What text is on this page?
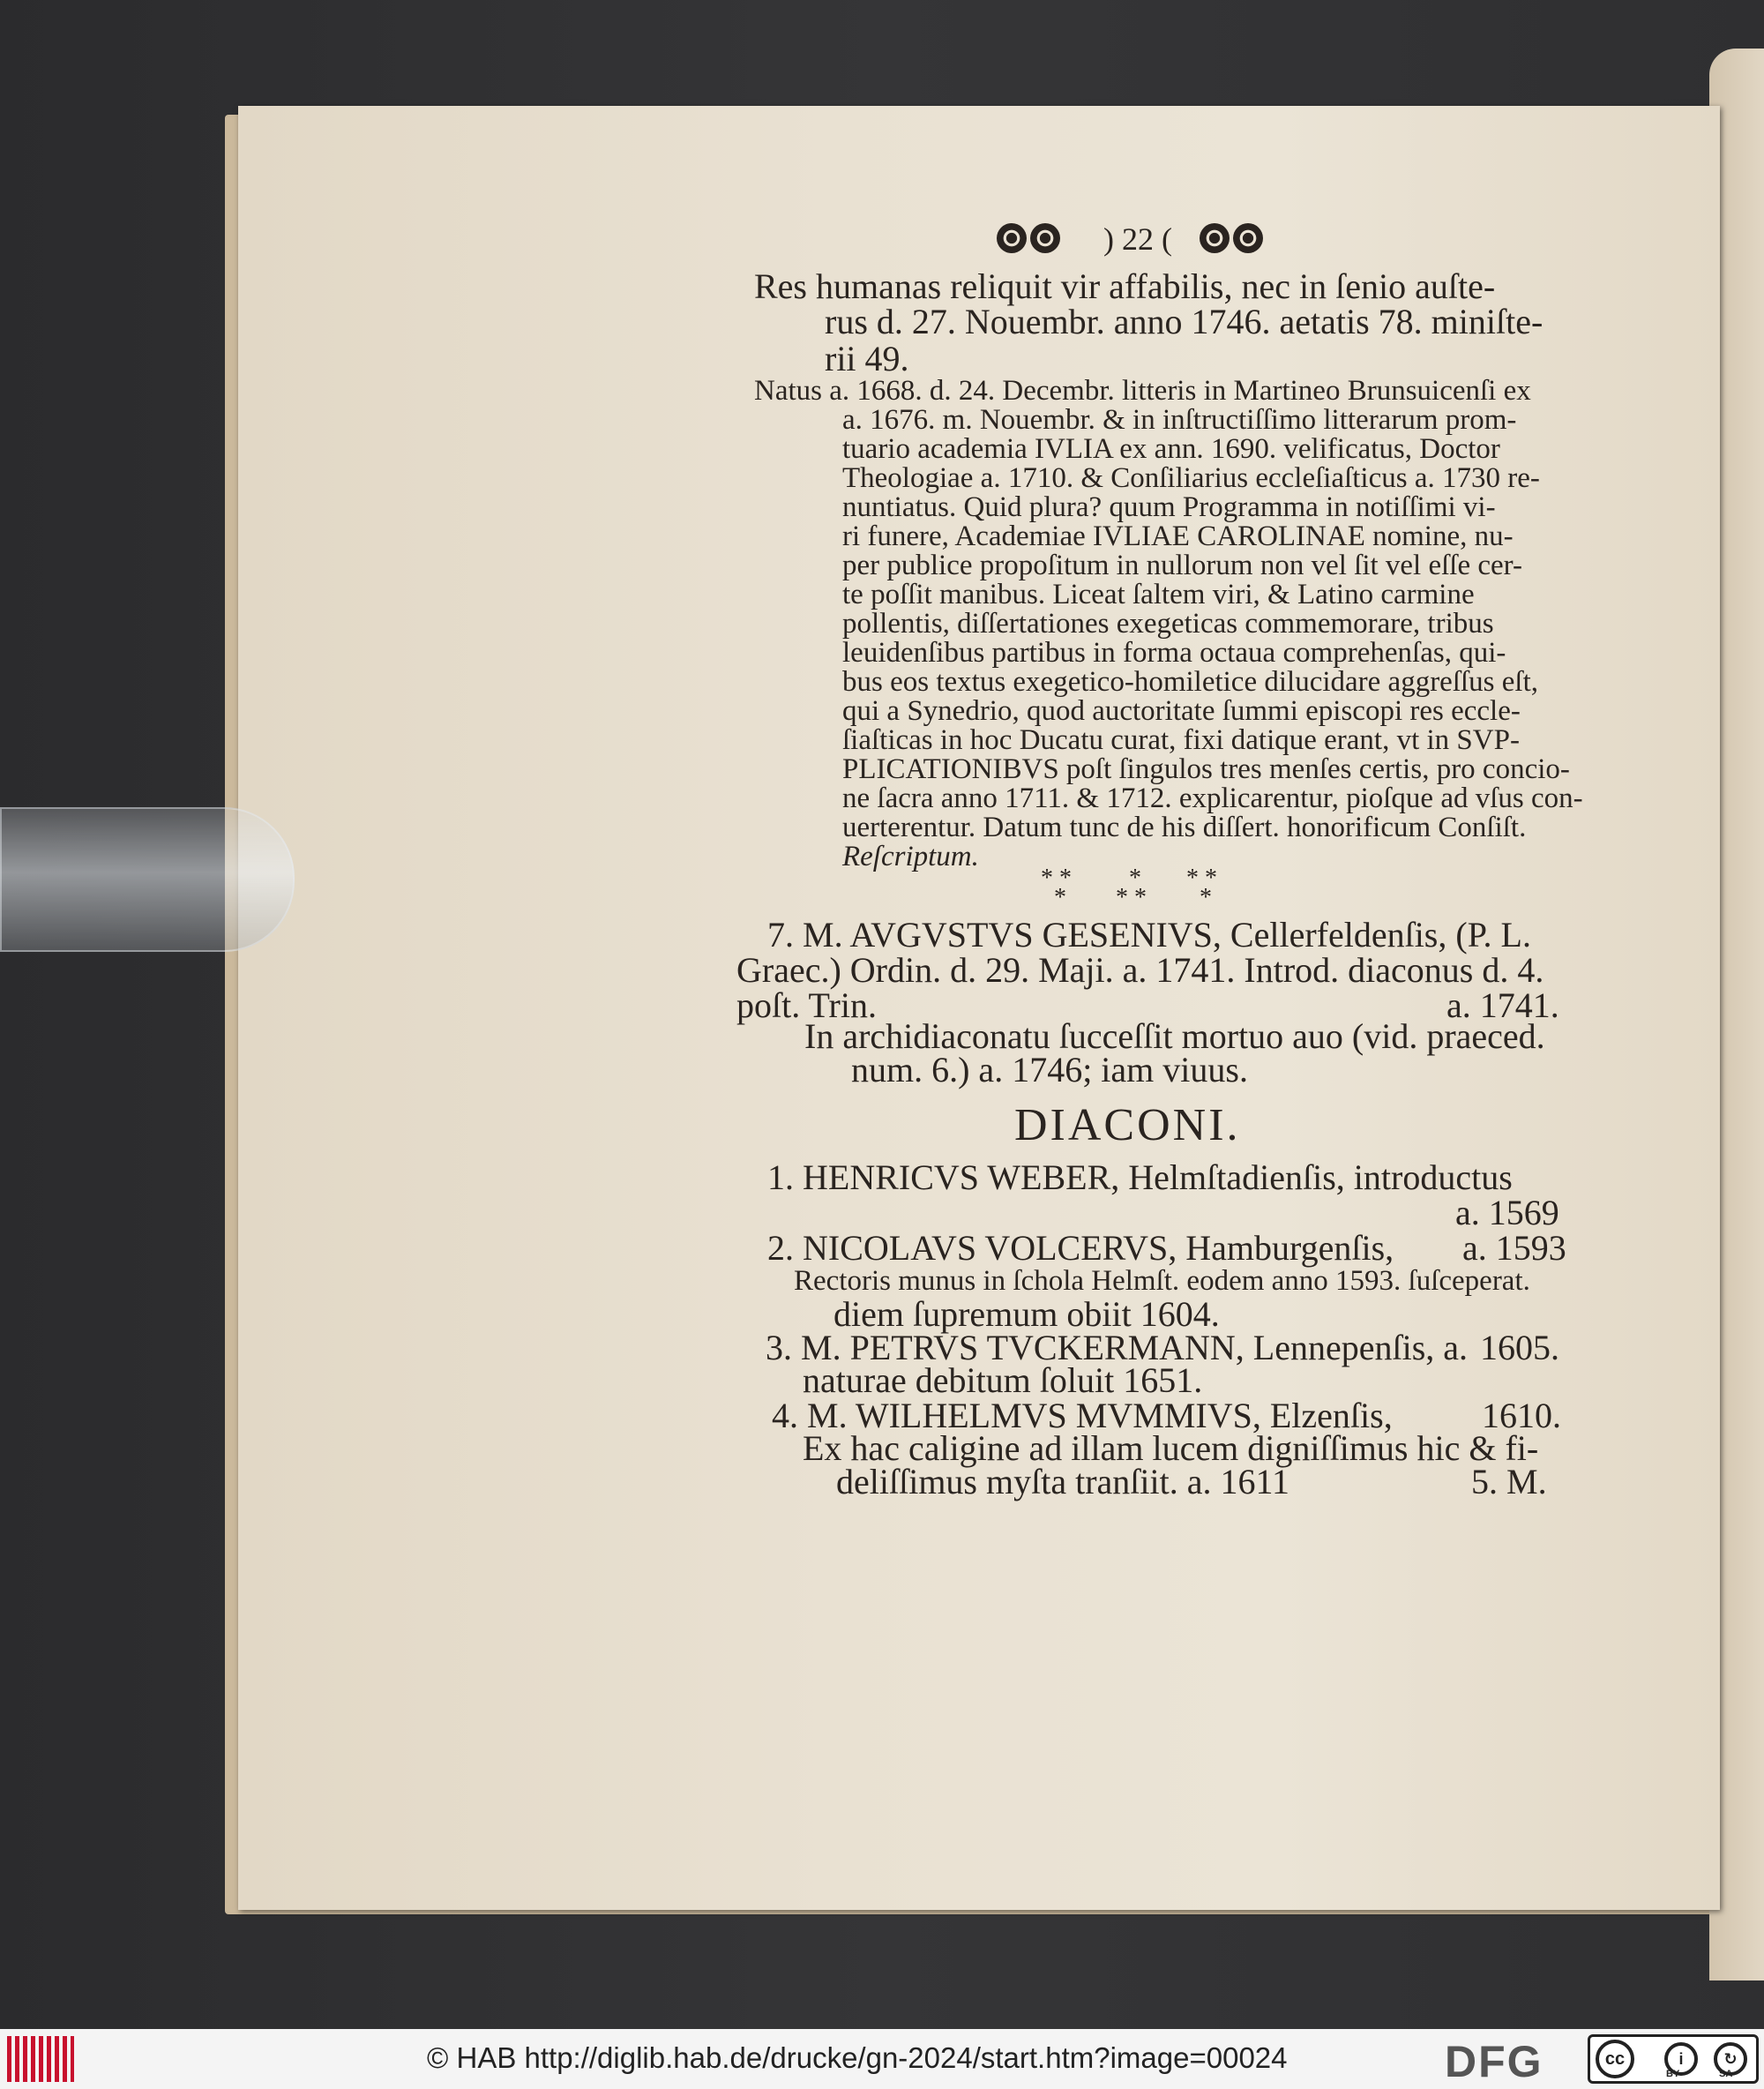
) 22 (
Res humanas reliquit vir affabilis, nec in ſenio auſte-
rus d. 27. Nouembr. anno 1746. aetatis 78. miniſte-
rii 49.
Natus a. 1668. d. 24. Decembr. litteris in Martineo Brunsuicenſi ex
a. 1676. m. Nouembr. & in inſtructiſſimo litterarum prom-
tuario academia IVLIA ex ann. 1690. velificatus, Doctor
Theologiae a. 1710. & Conſiliarius eccleſiaſticus a. 1730 re-
nuntiatus. Quid plura? quum Programma in notiſſimi vi-
ri funere, Academiae IVLIAE CAROLINAE nomine, nu-
per publice propoſitum in nullorum non vel ſit vel eſſe cer-
te poſſit manibus. Liceat ſaltem viri, & Latino carmine
pollentis, diſſertationes exegeticas commemorare, tribus
leuidenſibus partibus in forma octaua comprehenſas, qui-
bus eos textus exegetico-homiletice dilucidare aggreſſus eſt,
qui a Synedrio, quod auctoritate ſummi episcopi res eccle-
ſiaſticas in hoc Ducatu curat, fixi datique erant, vt in SVP-
PLICATIONIBVS poſt ſingulos tres menſes certis, pro concio-
ne ſacra anno 1711. & 1712. explicarentur, pioſque ad vſus con-
uerterentur. Datum tunc de his diſſert. honorificum Conſiſt.
Reſcriptum.
* * * * *
* * * *
7. M. AVGVSTVS GESENIVS, Cellerfeldenſis, (P. L.
Graec.) Ordin. d. 29. Maji. a. 1741. Introd. diaconus d. 4.
poſt. Trin.	a. 1741.
In archidiaconatu ſucceſſit mortuo auo (vid. praeced.
num. 6.) a. 1746; iam viuus.
DIACONI.
1. HENRICVS WEBER, Helmſtadienſis, introductus
a. 1569
2. NICOLAVS VOLCERVS, Hamburgenſis, a. 1593
Rectoris munus in ſchola Helmſt. eodem anno 1593. ſuſceperat.
diem ſupremum obiit 1604.
3. M. PETRVS TVCKERMANN, Lennepenſis, a. 1605.
naturae debitum ſoluit 1651.
4. M. WILHELMVS MVMMIVS, Elzenſis,	1610.
Ex hac caligine ad illam lucem digniſſimus hic & fi-
deliſſimus myſta tranſiit. a. 1611	5. M.
© HAB http://diglib.hab.de/drucke/gn-2024/start.htm?image=00024	DFG	cc	i	↻
BY	SA
